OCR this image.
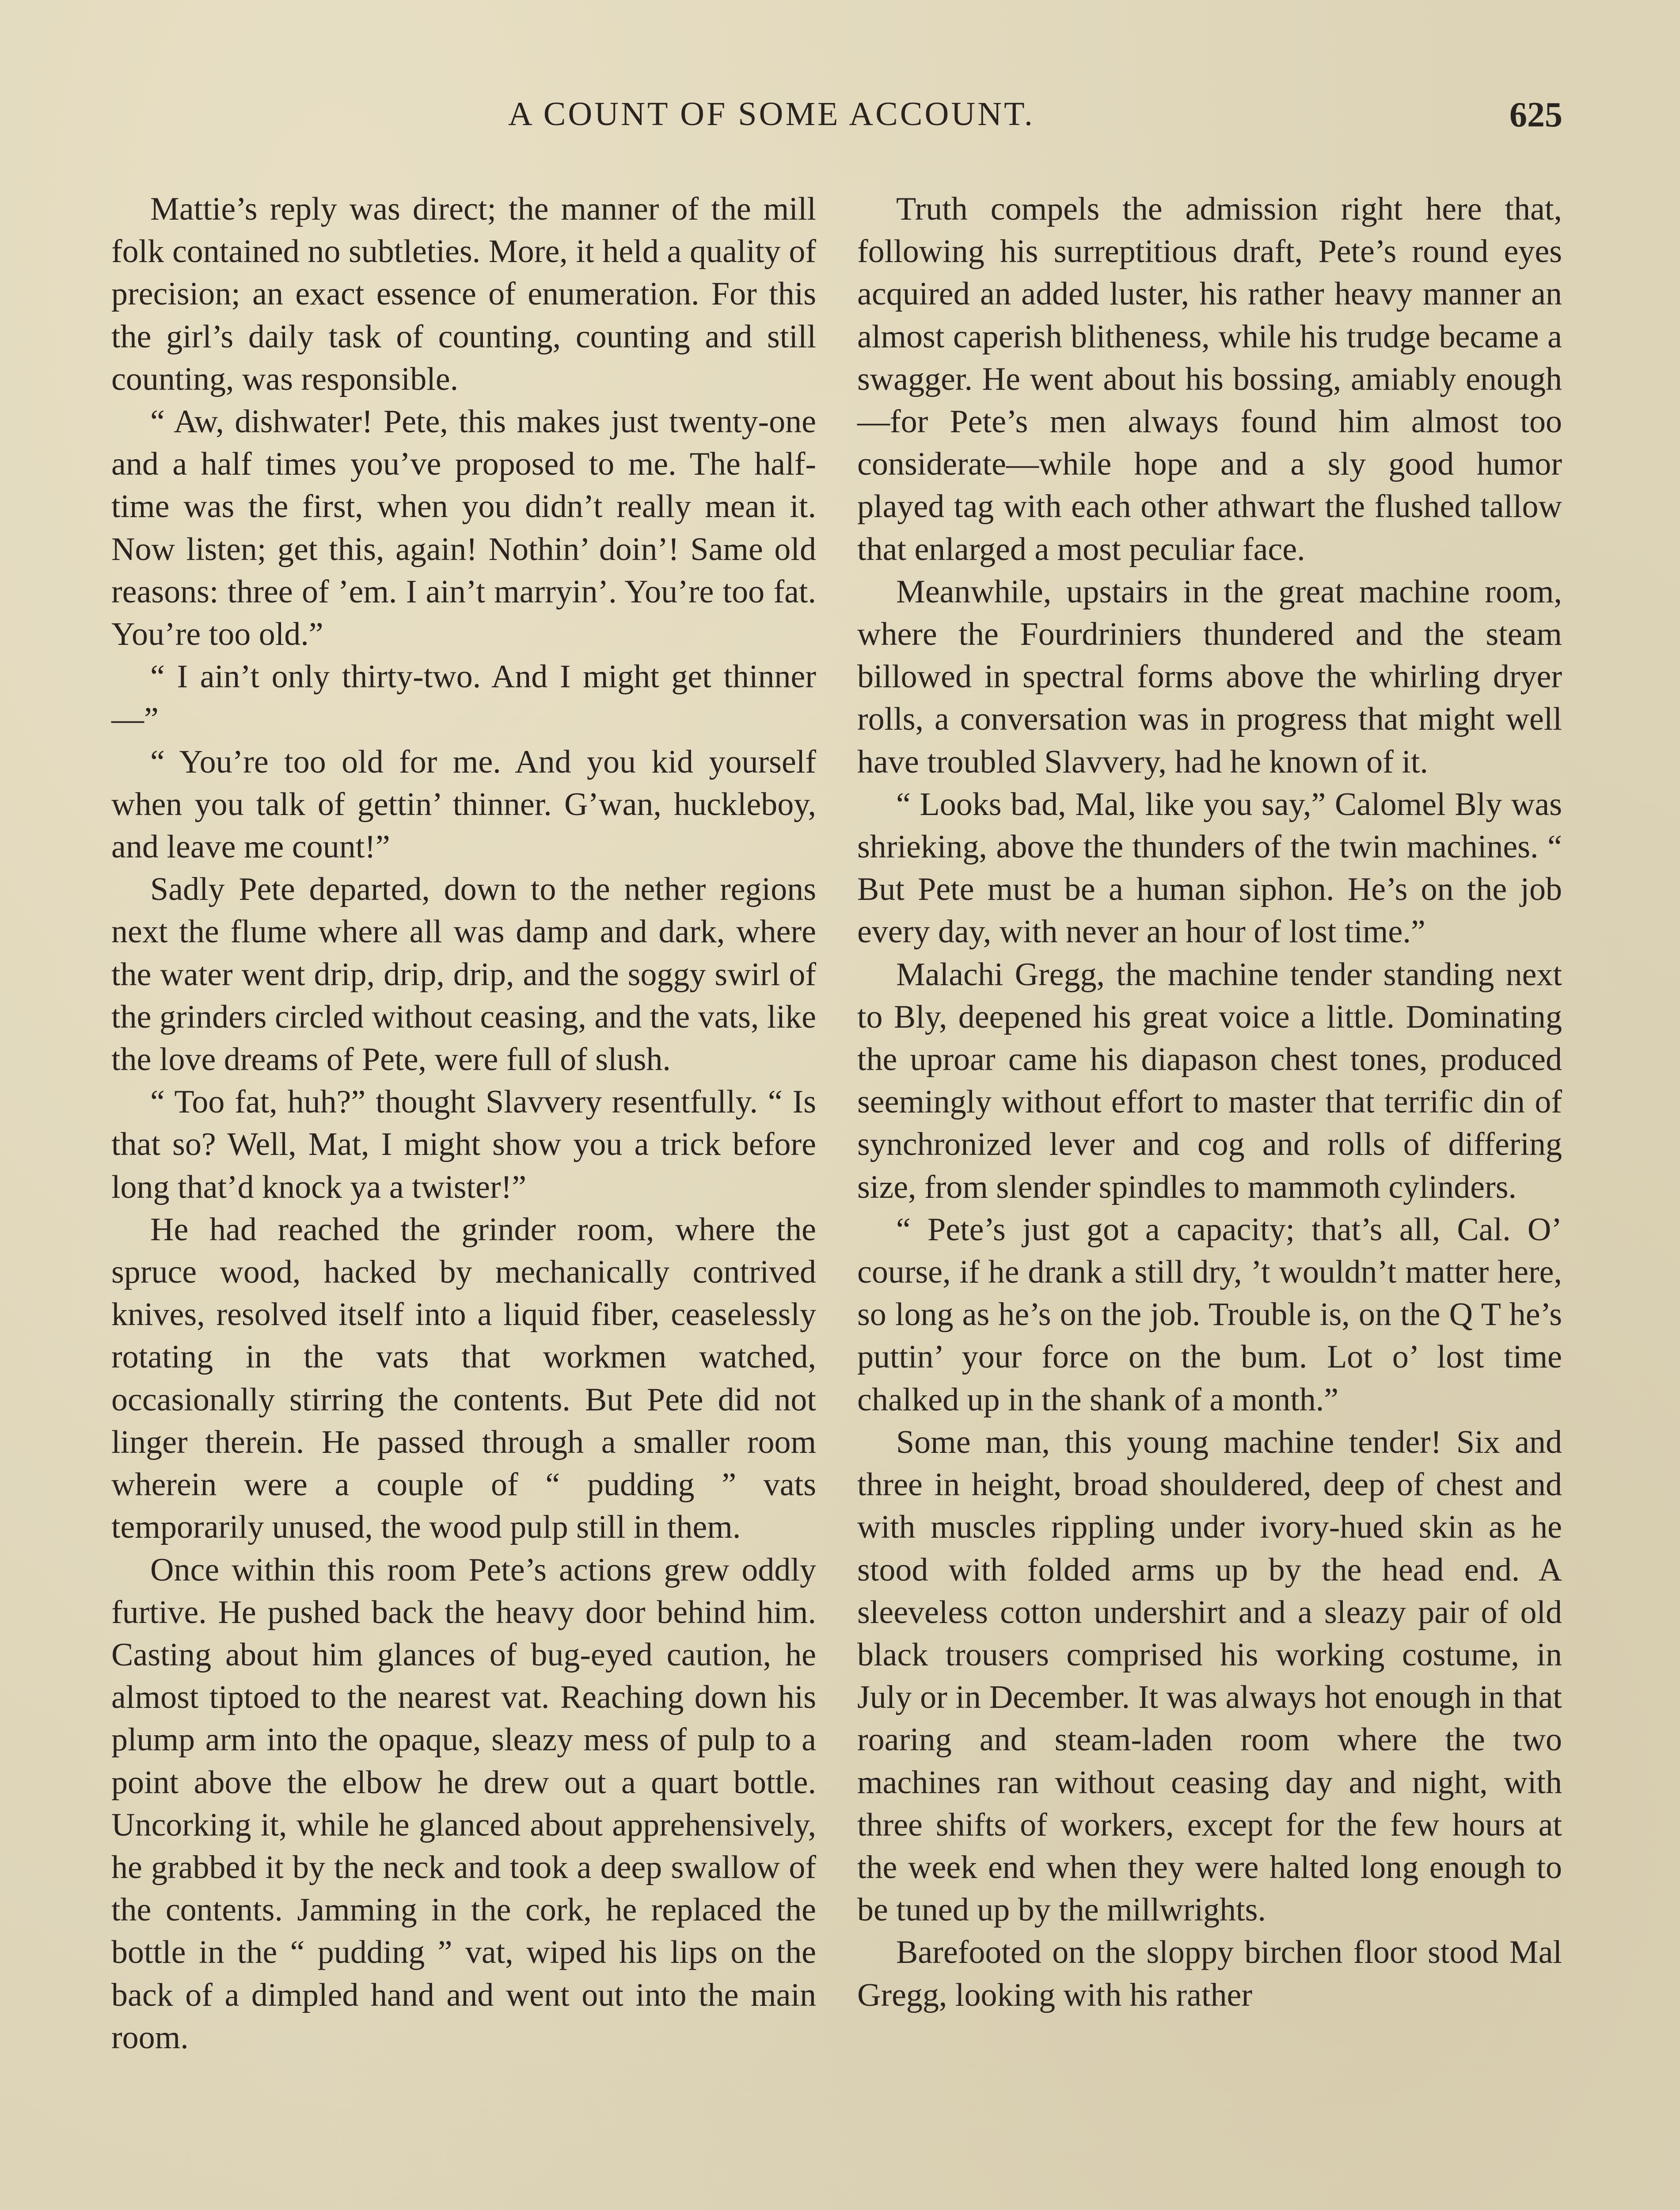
A COUNT OF SOME ACCOUNT.	625

Mattie’s reply was direct; the manner of the mill folk contained no subtleties. More, it held a quality of precision; an exact essence of enumeration. For this the girl’s daily task of counting, counting and still counting, was responsible.

“ Aw, dishwater! Pete, this makes just twenty-one and a half times you’ve proposed to me. The half-time was the first, when you didn’t really mean it. Now listen; get this, again! Nothin’ doin’! Same old reasons: three of ’em. I ain’t marryin’. You’re too fat. You’re too old.”

“ I ain’t only thirty-two. And I might get thinner—”

“ You’re too old for me. And you kid yourself when you talk of gettin’ thinner. G’wan, huckleboy, and leave me count!”

Sadly Pete departed, down to the nether regions next the flume where all was damp and dark, where the water went drip, drip, drip, and the soggy swirl of the grinders circled without ceasing, and the vats, like the love dreams of Pete, were full of slush.

“ Too fat, huh?” thought Slavvery resentfully. “ Is that so? Well, Mat, I might show you a trick before long that’d knock ya a twister!”

He had reached the grinder room, where the spruce wood, hacked by mechanically contrived knives, resolved itself into a liquid fiber, ceaselessly rotating in the vats that workmen watched, occasionally stirring the contents. But Pete did not linger therein. He passed through a smaller room wherein were a couple of “ pudding ” vats temporarily unused, the wood pulp still in them.

Once within this room Pete’s actions grew oddly furtive. He pushed back the heavy door behind him. Casting about him glances of bug-eyed caution, he almost tiptoed to the nearest vat. Reaching down his plump arm into the opaque, sleazy mess of pulp to a point above the elbow he drew out a quart bottle. Uncorking it, while he glanced about apprehensively, he grabbed it by the neck and took a deep swallow of the contents. Jamming in the cork, he replaced the bottle in the “ pudding ” vat, wiped his lips on the back of a dimpled hand and went out into the main room.

Truth compels the admission right here that, following his surreptitious draft, Pete’s round eyes acquired an added luster, his rather heavy manner an almost caperish blitheness, while his trudge became a swagger. He went about his bossing, amiably enough—for Pete’s men always found him almost too considerate—while hope and a sly good humor played tag with each other athwart the flushed tallow that enlarged a most peculiar face.

Meanwhile, upstairs in the great machine room, where the Fourdriniers thundered and the steam billowed in spectral forms above the whirling dryer rolls, a conversation was in progress that might well have troubled Slavvery, had he known of it.

“ Looks bad, Mal, like you say,” Calomel Bly was shrieking, above the thunders of the twin machines. “ But Pete must be a human siphon. He’s on the job every day, with never an hour of lost time.”

Malachi Gregg, the machine tender standing next to Bly, deepened his great voice a little. Dominating the uproar came his diapason chest tones, produced seemingly without effort to master that terrific din of synchronized lever and cog and rolls of differing size, from slender spindles to mammoth cylinders.

“ Pete’s just got a capacity; that’s all, Cal. O’ course, if he drank a still dry, ’t wouldn’t matter here, so long as he’s on the job. Trouble is, on the Q T he’s puttin’ your force on the bum. Lot o’ lost time chalked up in the shank of a month.”

Some man, this young machine tender! Six and three in height, broad shouldered, deep of chest and with muscles rippling under ivory-hued skin as he stood with folded arms up by the head end. A sleeveless cotton undershirt and a sleazy pair of old black trousers comprised his working costume, in July or in December. It was always hot enough in that roaring and steam-laden room where the two machines ran without ceasing day and night, with three shifts of workers, except for the few hours at the week end when they were halted long enough to be tuned up by the millwrights.

Barefooted on the sloppy birchen floor stood Mal Gregg, looking with his rather
